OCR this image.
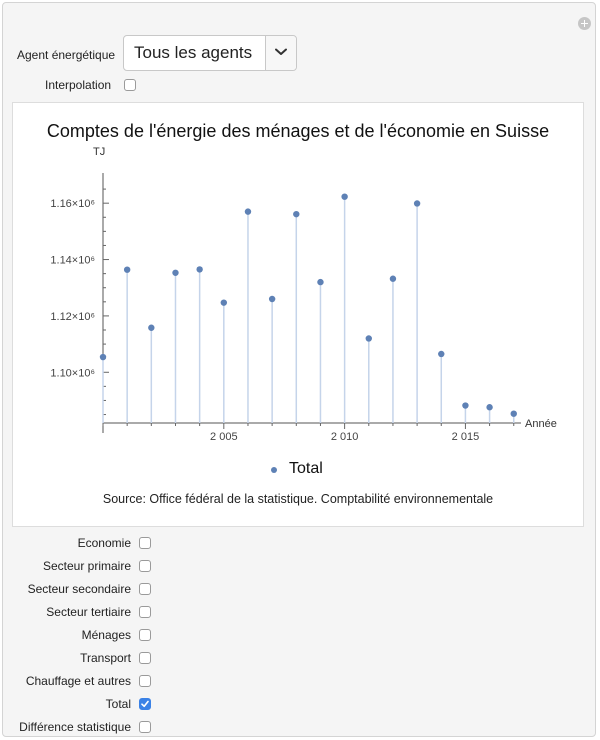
Agent énergétique Tous les agents
Interpolation
Comptes de l'énergie des ménages et de l'économie en Suisse
TJ
Année
2 005	2 010	2 015
1.10×10⁶
1.12×10⁶
1.14×10⁶
1.16×10⁶
Total
Source: Office fédéral de la statistique. Comptabilité environnementale
Economie
Secteur primaire
Secteur secondaire
Secteur tertiaire
Ménages
Transport
Chauffage et autres
Total
Différence statistique
